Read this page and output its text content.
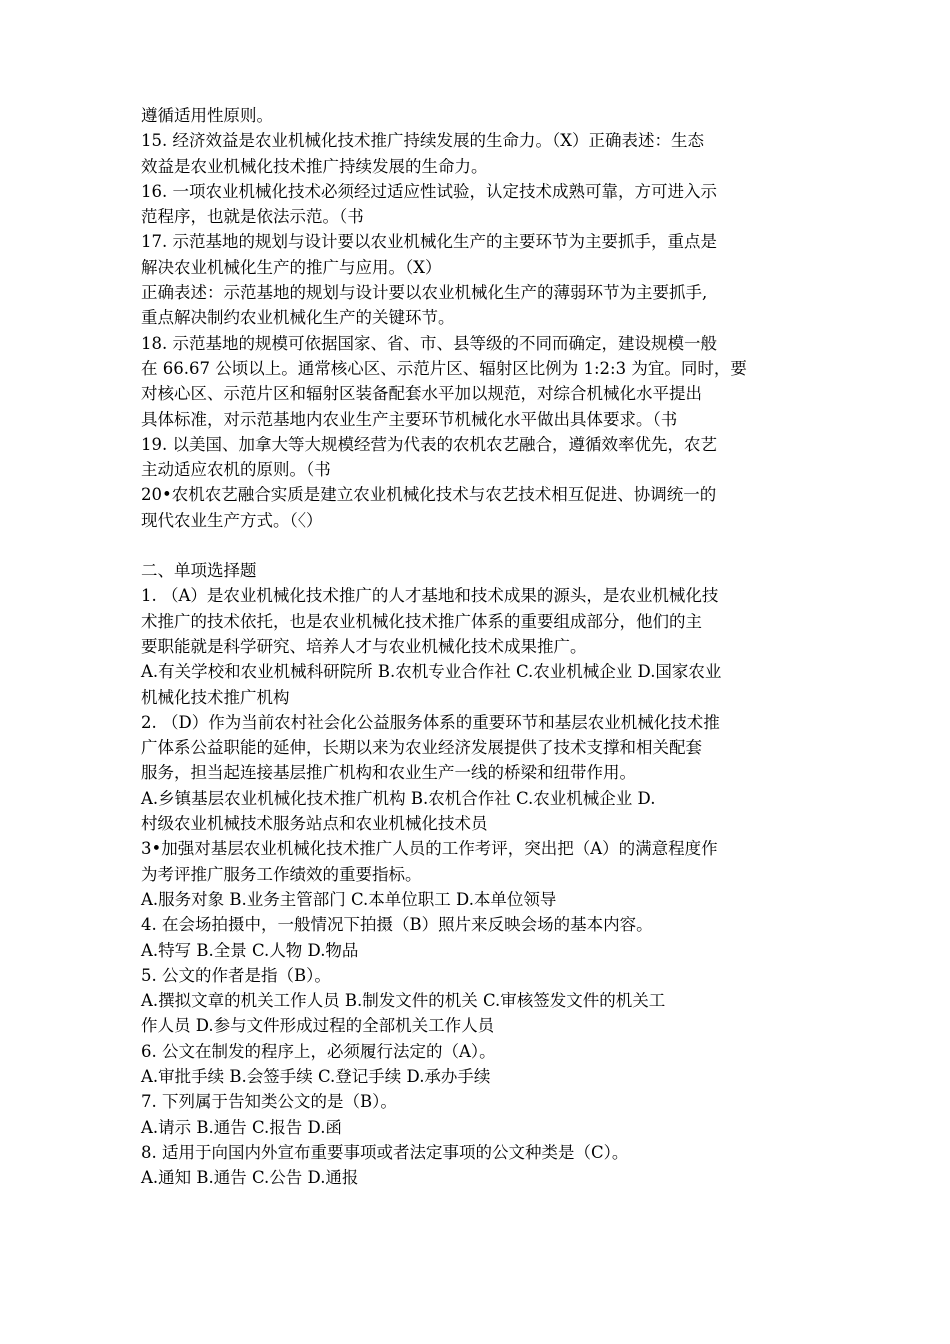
遵循适用性原则。
15. 经济效益是农业机械化技术推广持续发展的生命力。（X）正确表述：生态
效益是农业机械化技术推广持续发展的生命力。
16. 一项农业机械化技术必须经过适应性试验，认定技术成熟可靠，方可进入示
范程序，也就是依法示范。（书
17. 示范基地的规划与设计要以农业机械化生产的主要环节为主要抓手，重点是
解决农业机械化生产的推广与应用。（X）
正确表述：示范基地的规划与设计要以农业机械化生产的薄弱环节为主要抓手,
重点解决制约农业机械化生产的关键环节。
18. 示范基地的规模可依据国家、省、市、县等级的不同而确定，建设规模一般
在 66.67 公顷以上。通常核心区、示范片区、辐射区比例为 1:2:3 为宜。同时，要
对核心区、示范片区和辐射区装备配套水平加以规范，对综合机械化水平提出
具体标准，对示范基地内农业生产主要环节机械化水平做出具体要求。（书
19. 以美国、加拿大等大规模经营为代表的农机农艺融合，遵循效率优先，农艺
主动适应农机的原则。（书
20•农机农艺融合实质是建立农业机械化技术与农艺技术相互促进、协调统一的
现代农业生产方式。（〈）
二、单项选择题
1. （A）是农业机械化技术推广的人才基地和技术成果的源头，是农业机械化技
术推广的技术依托，也是农业机械化技术推广体系的重要组成部分，他们的主
要职能就是科学研究、培养人才与农业机械化技术成果推广。
A.有关学校和农业机械科研院所 B.农机专业合作社 C.农业机械企业 D.国家农业
机械化技术推广机构
2. （D）作为当前农村社会化公益服务体系的重要环节和基层农业机械化技术推
广体系公益职能的延伸，长期以来为农业经济发展提供了技术支撑和相关配套
服务，担当起连接基层推广机构和农业生产一线的桥梁和纽带作用。
A.乡镇基层农业机械化技术推广机构 B.农机合作社 C.农业机械企业 D.
村级农业机械技术服务站点和农业机械化技术员
3•加强对基层农业机械化技术推广人员的工作考评，突出把（A）的满意程度作
为考评推广服务工作绩效的重要指标。
A.服务对象 B.业务主管部门 C.本单位职工 D.本单位领导
4. 在会场拍摄中，一般情况下拍摄（B）照片来反映会场的基本内容。
A.特写 B.全景 C.人物 D.物品
5. 公文的作者是指（B）。
A.撰拟文章的机关工作人员 B.制发文件的机关 C.审核签发文件的机关工
作人员 D.参与文件形成过程的全部机关工作人员
6. 公文在制发的程序上，必须履行法定的（A）。
A.审批手续 B.会签手续 C.登记手续 D.承办手续
7. 下列属于告知类公文的是（B）。
A.请示 B.通告 C.报告 D.函
8. 适用于向国内外宣布重要事项或者法定事项的公文种类是（C）。
A.通知 B.通告 C.公告 D.通报
